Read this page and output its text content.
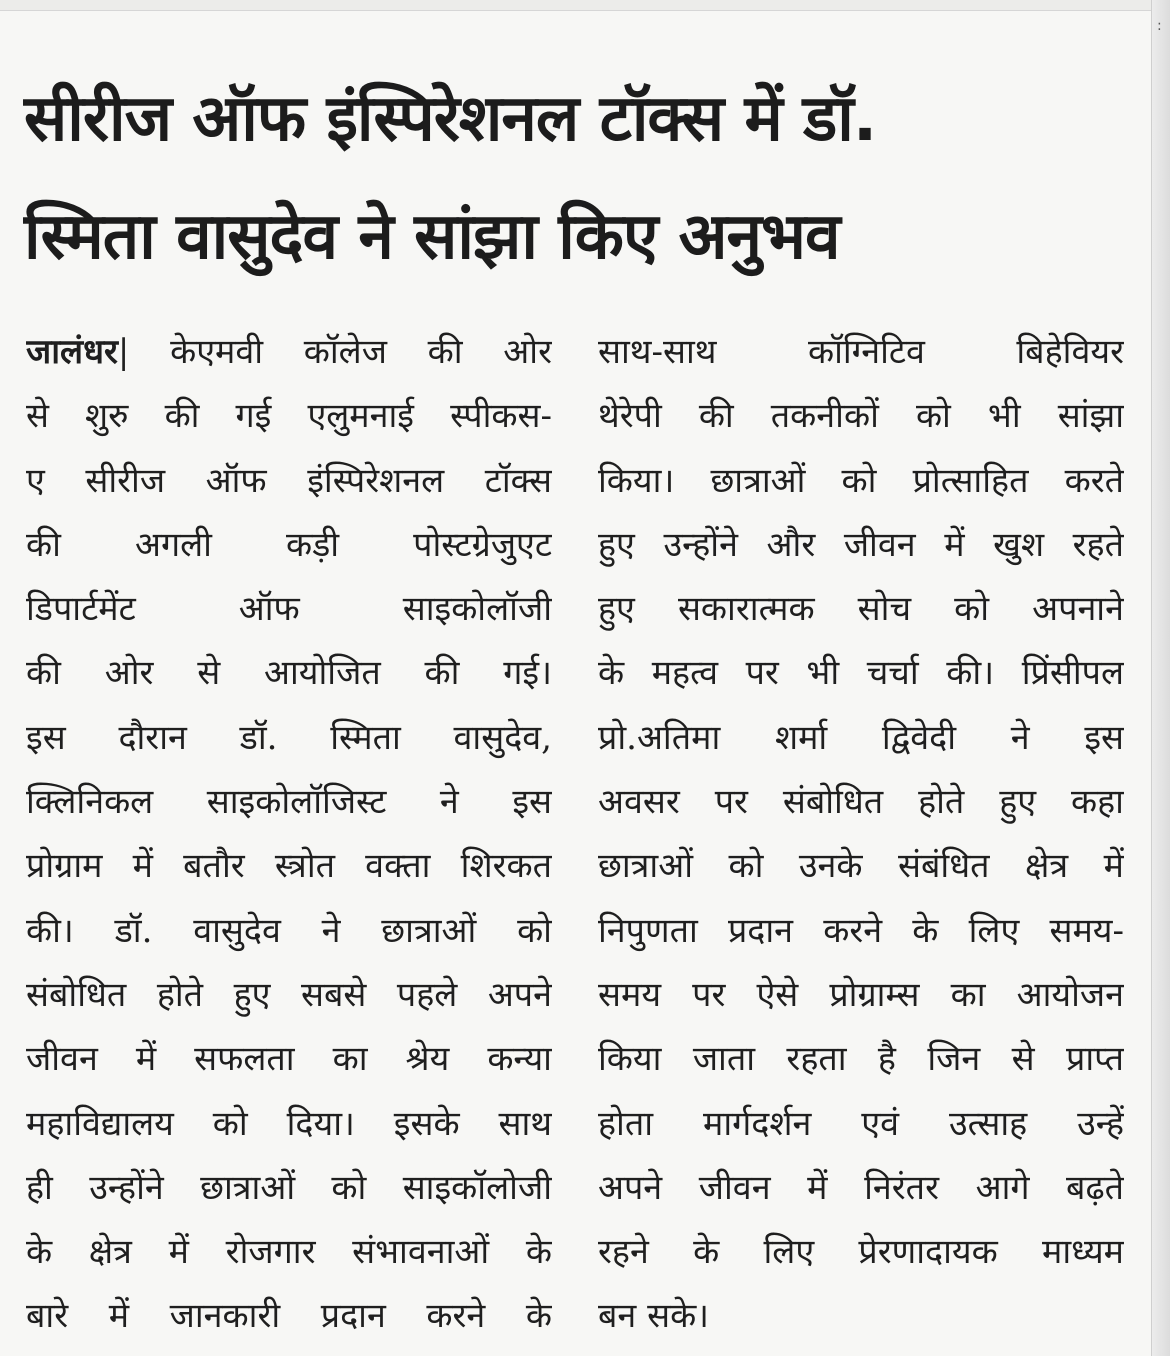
:
सीरीज ऑफ इंस्पिरेशनल टॉक्स में डॉ.
स्मिता वासुदेव ने सांझा किए अनुभव
जालंधर| केएमवी कॉलेज की ओर
से शुरु की गई एलुमनाई स्पीकस-
ए सीरीज ऑफ इंस्पिरेशनल टॉक्स
की अगली कड़ी पोस्टग्रेजुएट
डिपार्टमेंट ऑफ साइकोलॉजी
की ओर से आयोजित की गई।
इस दौरान डॉ. स्मिता वासुदेव,
क्लिनिकल साइकोलॉजिस्ट ने इस
प्रोग्राम में बतौर स्त्रोत वक्ता शिरकत
की। डॉ. वासुदेव ने छात्राओं को
संबोधित होते हुए सबसे पहले अपने
जीवन में सफलता का श्रेय कन्या
महाविद्यालय को दिया। इसके साथ
ही उन्होंने छात्राओं को साइकॉलोजी
के क्षेत्र में रोजगार संभावनाओं के
बारे में जानकारी प्रदान करने के
साथ-साथ कॉग्निटिव बिहेवियर
थेरेपी की तकनीकों को भी सांझा
किया। छात्राओं को प्रोत्साहित करते
हुए उन्होंने और जीवन में खुश रहते
हुए सकारात्मक सोच को अपनाने
के महत्व पर भी चर्चा की। प्रिंसीपल
प्रो.अतिमा शर्मा द्विवेदी ने इस
अवसर पर संबोधित होते हुए कहा
छात्राओं को उनके संबंधित क्षेत्र में
निपुणता प्रदान करने के लिए समय-
समय पर ऐसे प्रोग्राम्स का आयोजन
किया जाता रहता है जिन से प्राप्त
होता मार्गदर्शन एवं उत्साह उन्हें
अपने जीवन में निरंतर आगे बढ़ते
रहने के लिए प्रेरणादायक माध्यम
बन सके।
